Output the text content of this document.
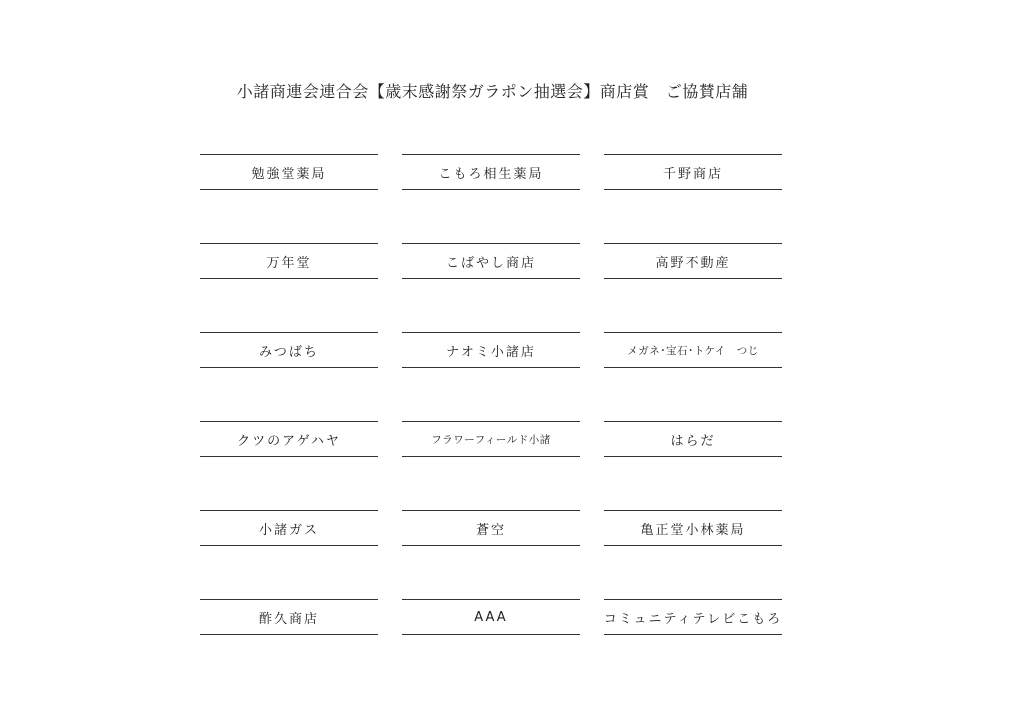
小諸商連会連合会【歳末感謝祭ガラポン抽選会】商店賞　ご協賛店舗
勉強堂薬局	こもろ相生薬局	千野商店
万年堂	こばやし商店	高野不動産
みつばち	ナオミ小諸店	メガネ･宝石･トケイ　つじ
クツのアゲハヤ	フラワーフィールド小諸	はらだ
小諸ガス	蒼空	亀正堂小林薬局
酢久商店	AAA	コミュニティテレビこもろ
